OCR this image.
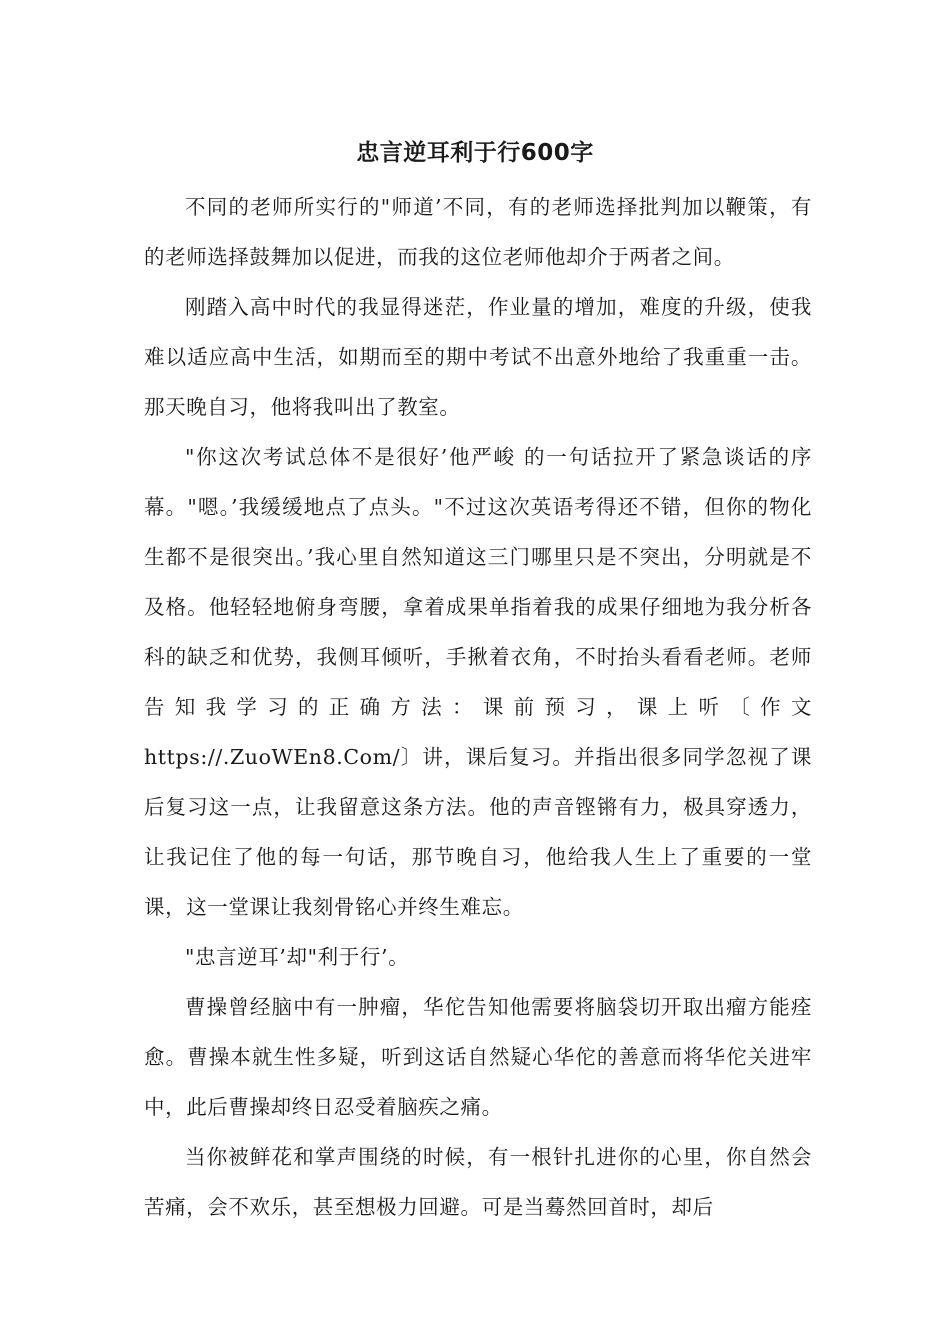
忠言逆耳利于行600字

不同的老师所实行的"师道’不同，有的老师选择批判加以鞭策，有的老师选择鼓舞加以促进，而我的这位老师他却介于两者之间。

刚踏入高中时代的我显得迷茫，作业量的增加，难度的升级，使我难以适应高中生活，如期而至的期中考试不出意外地给了我重重一击。那天晚自习，他将我叫出了教室。

"你这次考试总体不是很好’他严峻 的一句话拉开了紧急谈话的序幕。"嗯。’我缓缓地点了点头。"不过这次英语考得还不错，但你的物化生都不是很突出。’我心里自然知道这三门哪里只是不突出，分明就是不及格。他轻轻地俯身弯腰，拿着成果单指着我的成果仔细地为我分析各科的缺乏和优势，我侧耳倾听，手揪着衣角，不时抬头看看老师。老师告知我学习的正确方法：课前预习，课上听〔作文https://.ZuoWEn8.Com/〕讲，课后复习。并指出很多同学忽视了课后复习这一点，让我留意这条方法。他的声音铿锵有力，极具穿透力，让我记住了他的每一句话，那节晚自习，他给我人生上了重要的一堂课，这一堂课让我刻骨铭心并终生难忘。

"忠言逆耳’却"利于行’。

曹操曾经脑中有一肿瘤，华佗告知他需要将脑袋切开取出瘤方能痊愈。曹操本就生性多疑，听到这话自然疑心华佗的善意而将华佗关进牢中，此后曹操却终日忍受着脑疾之痛。

当你被鲜花和掌声围绕的时候，有一根针扎进你的心里，你自然会苦痛，会不欢乐，甚至想极力回避。可是当蓦然回首时，却后
